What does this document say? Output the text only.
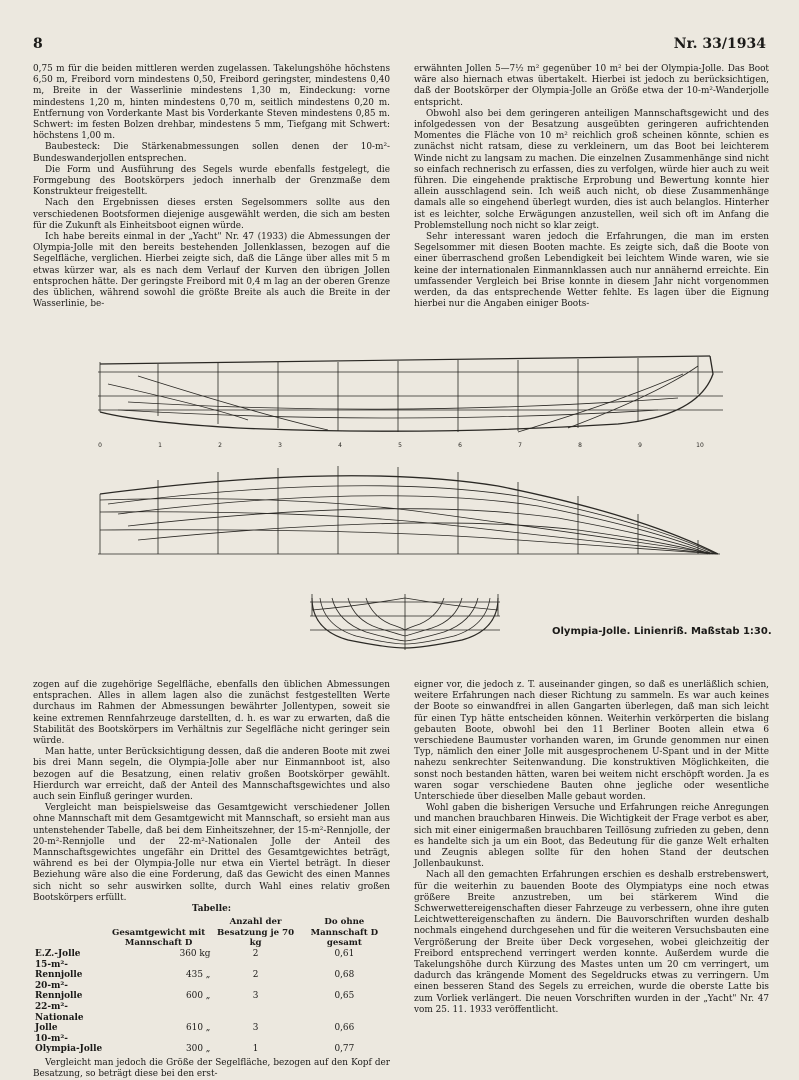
8	Nr. 33/1934

0,75 m für die beiden mittleren werden zugelassen. Takelungshöhe höchstens 6,50 m, Freibord vorn mindestens 0,50, Freibord geringster, mindestens 0,40 m, Breite in der Wasserlinie mindestens 1,30 m, Eindeckung: vorne mindestens 1,20 m, hinten mindestens 0,70 m, seitlich mindestens 0,20 m. Entfernung von Vorderkante Mast bis Vorderkante Steven mindestens 0,85 m. Schwert: im festen Bolzen drehbar, mindestens 5 mm, Tiefgang mit Schwert: höchstens 1,00 m.

Baubesteck: Die Stärkenabmessungen sollen denen der 10-m²-Bundeswanderjollen entsprechen.

Die Form und Ausführung des Segels wurde ebenfalls festgelegt, die Formgebung des Bootskörpers jedoch innerhalb der Grenzmaße dem Konstrukteur freigestellt.

Nach den Ergebnissen dieses ersten Segelsommers sollte aus den verschiedenen Bootsformen diejenige ausgewählt werden, die sich am besten für die Zukunft als Einheitsboot eignen würde.

Ich habe bereits einmal in der „Yacht" Nr. 47 (1933) die Abmessungen der Olympia-Jolle mit den bereits bestehenden Jollenklassen, bezogen auf die Segelfläche, verglichen. Hierbei zeigte sich, daß die Länge über alles mit 5 m etwas kürzer war, als es nach dem Verlauf der Kurven den übrigen Jollen entsprochen hätte. Der geringste Freibord mit 0,4 m lag an der oberen Grenze des üblichen, während sowohl die größte Breite als auch die Breite in der Wasserlinie, be-

erwähnten Jollen 5—7½ m² gegenüber 10 m² bei der Olympia-Jolle. Das Boot wäre also hiernach etwas übertakelt. Hierbei ist jedoch zu berücksichtigen, daß der Bootskörper der Olympia-Jolle an Größe etwa der 10-m²-Wanderjolle entspricht.

Obwohl also bei dem geringeren anteiligen Mannschaftsgewicht und des infolgedessen von der Besatzung ausgeübten geringeren aufrichtenden Momentes die Fläche von 10 m² reichlich groß scheinen könnte, schien es zunächst nicht ratsam, diese zu verkleinern, um das Boot bei leichterem Winde nicht zu langsam zu machen. Die einzelnen Zusammenhänge sind nicht so einfach rechnerisch zu erfassen, dies zu verfolgen, würde hier auch zu weit führen. Die eingehende praktische Erprobung und Bewertung konnte hier allein ausschlagend sein. Ich weiß auch nicht, ob diese Zusammenhänge damals alle so eingehend überlegt wurden, dies ist auch belanglos. Hinterher ist es leichter, solche Erwägungen anzustellen, weil sich oft im Anfang die Problemstellung noch nicht so klar zeigt.

Sehr interessant waren jedoch die Erfahrungen, die man im ersten Segelsommer mit diesen Booten machte. Es zeigte sich, daß die Boote von einer überraschend großen Lebendigkeit bei leichtem Winde waren, wie sie keine der internationalen Einmannklassen auch nur annähernd erreichte. Ein umfassender Vergleich bei Brise konnte in diesem Jahr nicht vorgenommen werden, da das entsprechende Wetter fehlte. Es lagen über die Eignung hierbei nur die Angaben einiger Boots-

0	1	2	3	4	5	6	7	8	9	10
Olympia-Jolle. Linienriß. Maßstab 1:30.

zogen auf die zugehörige Segelfläche, ebenfalls den üblichen Abmessungen entsprachen. Alles in allem lagen also die zunächst festgestellten Werte durchaus im Rahmen der Abmessungen bewährter Jollentypen, soweit sie keine extremen Rennfahrzeuge darstellten, d. h. es war zu erwarten, daß die Stabilität des Bootskörpers im Verhältnis zur Segelfläche nicht geringer sein würde.

Man hatte, unter Berücksichtigung dessen, daß die anderen Boote mit zwei bis drei Mann segeln, die Olympia-Jolle aber nur Einmannboot ist, also bezogen auf die Besatzung, einen relativ großen Bootskörper gewählt. Hierdurch war erreicht, daß der Anteil des Mannschaftsgewichtes und also auch sein Einfluß geringer wurden.

Vergleicht man beispielsweise das Gesamtgewicht verschiedener Jollen ohne Mannschaft mit dem Gesamtgewicht mit Mannschaft, so ersieht man aus untenstehender Tabelle, daß bei dem Einheitszehner, der 15-m²-Rennjolle, der 20-m²-Rennjolle und der 22-m²-Nationalen Jolle der Anteil des Mannschaftsgewichtes ungefähr ein Drittel des Gesamtgewichtes beträgt, während es bei der Olympia-Jolle nur etwa ein Viertel beträgt. In dieser Beziehung wäre also die eine Forderung, daß das Gewicht des einen Mannes sich nicht so sehr auswirken sollte, durch Wahl eines relativ großen Bootskörpers erfüllt.

Tabelle:
	Gesamtgewicht mit Mannschaft D	Anzahl der Besatzung je 70 kg	Do ohne Mannschaft D gesamt
E.Z.-Jolle	360 kg	2	0,61
15-m²-Rennjolle	435 „	2	0,68
20-m²-Rennjolle	600 „	3	0,65
22-m²-Nationale Jolle	610 „	3	0,66
10-m²-Olympia-Jolle	300 „	1	0,77

Vergleicht man jedoch die Größe der Segelfläche, bezogen auf den Kopf der Besatzung, so beträgt diese bei den erst-

eigner vor, die jedoch z. T. auseinander gingen, so daß es unerläßlich schien, weitere Erfahrungen nach dieser Richtung zu sammeln. Es war auch keines der Boote so einwandfrei in allen Gangarten überlegen, daß man sich leicht für einen Typ hätte entscheiden können. Weiterhin verkörperten die bislang gebauten Boote, obwohl bei den 11 Berliner Booten allein etwa 6 verschiedene Baumuster vorhanden waren, im Grunde genommen nur einen Typ, nämlich den einer Jolle mit ausgesprochenem U-Spant und in der Mitte nahezu senkrechter Seitenwandung. Die konstruktiven Möglichkeiten, die sonst noch bestanden hätten, waren bei weitem nicht erschöpft worden. Ja es waren sogar verschiedene Bauten ohne jegliche oder wesentliche Unterschiede über dieselben Malle gebaut worden.

Wohl gaben die bisherigen Versuche und Erfahrungen reiche Anregungen und manchen brauchbaren Hinweis. Die Wichtigkeit der Frage verbot es aber, sich mit einer einigermaßen brauchbaren Teillösung zufrieden zu geben, denn es handelte sich ja um ein Boot, das Bedeutung für die ganze Welt erhalten und Zeugnis ablegen sollte für den hohen Stand der deutschen Jollenbaukunst.

Nach all den gemachten Erfahrungen erschien es deshalb erstrebenswert, für die weiterhin zu bauenden Boote des Olympiatyps eine noch etwas größere Breite anzustreben, um bei stärkerem Wind die Schwerwettereigenschaften dieser Fahrzeuge zu verbessern, ohne ihre guten Leichtwettereigenschaften zu ändern. Die Bauvorschriften wurden deshalb nochmals eingehend durchgesehen und für die weiteren Versuchsbauten eine Vergrößerung der Breite über Deck vorgesehen, wobei gleichzeitig der Freibord entsprechend verringert werden konnte. Außerdem wurde die Takelungshöhe durch Kürzung des Mastes unten um 20 cm verringert, um dadurch das krängende Moment des Segeldrucks etwas zu verringern. Um einen besseren Stand des Segels zu erreichen, wurde die oberste Latte bis zum Vorliek verlängert. Die neuen Vorschriften wurden in der „Yacht" Nr. 47 vom 25. 11. 1933 veröffentlicht.
